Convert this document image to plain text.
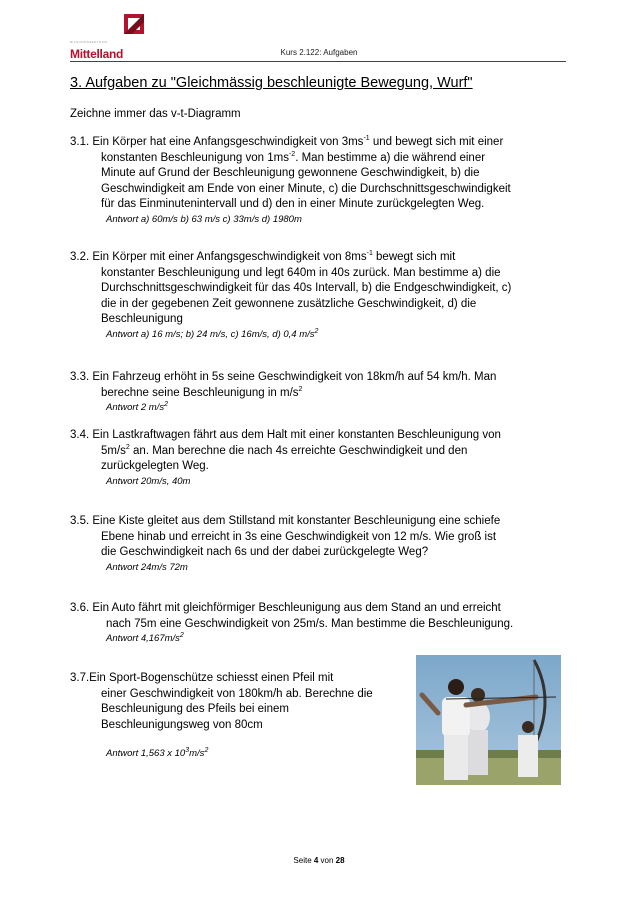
BILDUNGSZENTRUM
Mittelland	Kurs 2.122: Aufgaben
3. Aufgaben zu "Gleichmässig beschleunigte Bewegung, Wurf"
Zeichne immer das v-t-Diagramm
3.1. Ein Körper hat eine Anfangsgeschwindigkeit von $3ms^{-1}$ und bewegt sich mit einer
konstanten Beschleunigung von $1ms^{-2}$. Man bestimme a) die während einer
Minute auf Grund der Beschleunigung gewonnene Geschwindigkeit, b) die
Geschwindigkeit am Ende von einer Minute, c) die Durchschnittsgeschwindigkeit
für das Einminutenintervall und d) den in einer Minute zurückgelegten Weg.
Antwort a) 60m/s b) 63 m/s c) 33m/s d) 1980m
3.2. Ein Körper mit einer Anfangsgeschwindigkeit von $8ms^{-1}$ bewegt sich mit
konstanter Beschleunigung und legt 640m in 40s zurück. Man bestimme a) die
Durchschnittsgeschwindigkeit für das 40s Intervall, b) die Endgeschwindigkeit, c)
die in der gegebenen Zeit gewonnene zusätzliche Geschwindigkeit, d) die
Beschleunigung
Antwort a) 16 m/s; b) 24 m/s, c) 16m/s, d) 0,4 $m/s^2$
3.3. Ein Fahrzeug erhöht in 5s seine Geschwindigkeit von 18km/h auf 54 km/h. Man
berechne seine Beschleunigung in $m/s^2$
Antwort 2 $m/s^2$
3.4. Ein Lastkraftwagen fährt aus dem Halt mit einer konstanten Beschleunigung von
$5m/s^2$ an. Man berechne die nach 4s erreichte Geschwindigkeit und den
zurückgelegten Weg.
Antwort 20m/s, 40m
3.5. Eine Kiste gleitet aus dem Stillstand mit konstanter Beschleunigung eine schiefe
Ebene hinab und erreicht in 3s eine Geschwindigkeit von 12 m/s. Wie groß ist
die Geschwindigkeit nach 6s und der dabei zurückgelegte Weg?
Antwort 24m/s 72m
3.6. Ein Auto fährt mit gleichförmiger Beschleunigung aus dem Stand an und erreicht
nach 75m eine Geschwindigkeit von 25m/s. Man bestimme die Beschleunigung.
Antwort $4,167m/s^2$
3.7.Ein Sport-Bogenschütze schiesst einen Pfeil mit
einer Geschwindigkeit von 180km/h ab. Berechne die
Beschleunigung des Pfeils bei einem
Beschleunigungsweg von 80cm
Antwort 1,563 x $10^3m/s^2$
Seite 4 von 28
